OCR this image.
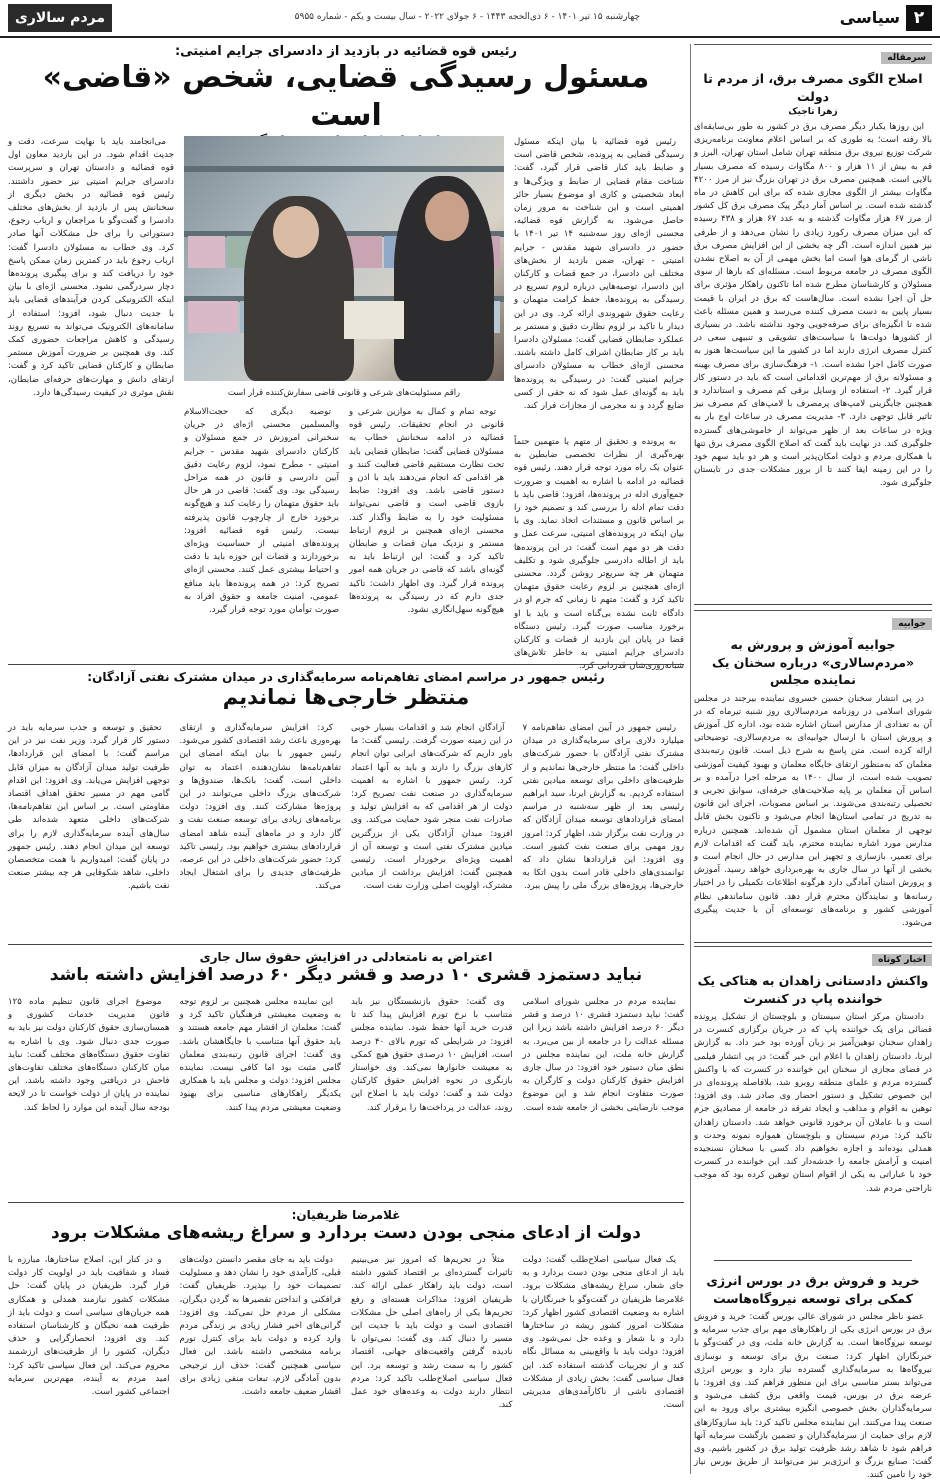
مردم سالاری	چهارشنبه ۱۵ تیر ۱۴۰۱ - ۶ ذی‌الحجه ۱۴۴۳ - ۶ جولای ۲۰۲۲ - سال بیست و یکم - شماره ۵۹۵۵	سیاسی ۲
سرمقاله
اصلاح الگوی مصرف برق، از مردم تا دولت
زهرا تاجیک

این روزها یکبار دیگر مصرف برق در کشور به طور بی‌سابقه‌ای بالا رفته است؛ به طوری که بر اساس اعلام معاونت برنامه‌ریزی شرکت توزیع نیروی برق منطقه تهران شامل استان تهران، البرز و قم به بیش از ۱۱ هزار و ۸۰۰ مگاوات رسیده که مصرف بسیار بالایی است. همچنین مصرف برق در تهران بزرگ نیز از مرز ۴۲۰۰ مگاوات بیشتر از الگوی مجازی شده که برای این کاهش در ماه گذشته شده است. بر اساس آمار دیگر پیک مصرف برق کل کشور از مرز ۶۷ هزار مگاوات گذشته و به عدد ۶۷ هزار و ۴۳۸ رسیده که این میزان مصرف رکورد زیادی را نشان می‌دهد و از طرفی نیز همین اندازه است. اگر چه بخشی از این افزایش مصرف برق ناشی از گرمای هوا است اما بخش مهمی از آن به اصلاح نشدن الگوی مصرف در جامعه مربوط است. مسئله‌ای که بارها از سوی مسئولان و کارشناسان مطرح شده اما تاکنون راهکار مؤثری برای حل آن اجرا نشده است. سال‌هاست که برق در ایران با قیمت بسیار پایین به دست مصرف کننده می‌رسد و همین مسئله باعث شده تا انگیزه‌ای برای صرفه‌جویی وجود نداشته باشد. در بسیاری از کشورها دولت‌ها با سیاست‌های تشویقی و تنبیهی سعی در کنترل مصرف انرژی دارند اما در کشور ما این سیاست‌ها هنوز به صورت کامل اجرا نشده است. ۱- فرهنگ‌سازی برای مصرف بهینه و مسئولانه برق از مهم‌ترین اقداماتی است که باید در دستور کار قرار گیرد. ۲- استفاده از وسایل برقی کم مصرف و استاندارد و همچنین جایگزینی لامپ‌های پرمصرف با لامپ‌های کم مصرف نیز تاثیر قابل توجهی دارد. ۳- مدیریت مصرف در ساعات اوج بار به ویژه در ساعات بعد از ظهر می‌تواند از خاموشی‌های گسترده جلوگیری کند. در نهایت باید گفت که اصلاح الگوی مصرف برق تنها با همکاری مردم و دولت امکان‌پذیر است و هر دو باید سهم خود را در این زمینه ایفا کنند تا از بروز مشکلات جدی در تابستان جلوگیری شود.

جوابیه
جوابیه آموزش و پرورش به «مردم‌سالاری» درباره سخنان یک نماینده مجلس

در پی انتشار سخنان حسین خسروی نماینده بیرجند در مجلس شورای اسلامی در روزنامه مردم‌سالاری روز شنبه تیرماه که در آن به تعدادی از مدارس استان اشاره شده بود، اداره کل آموزش و پرورش استان با ارسال جوابیه‌ای به مردم‌سالاری، توضیحاتی ارائه کرده است. متن پاسخ به شرح ذیل است. قانون رتبه‌بندی معلمان که به‌منظور ارتقای جایگاه معلمان و بهبود کیفیت آموزشی تصویب شده است، از سال ۱۴۰۰ به مرحله اجرا درآمده و بر اساس آن معلمان بر پایه صلاحیت‌های حرفه‌ای، سوابق تجربی و تحصیلی رتبه‌بندی می‌شوند. بر اساس مصوبات، اجرای این قانون به تدریج در تمامی استان‌ها انجام می‌شود و تاکنون بخش قابل توجهی از معلمان استان مشمول آن شده‌اند. همچنین درباره مدارس مورد اشاره نماینده محترم، باید گفت که اقدامات لازم برای تعمیر، بازسازی و تجهیز این مدارس در حال انجام است و بخشی از آنها در سال جاری به بهره‌برداری خواهد رسید. آموزش و پرورش استان آمادگی دارد هرگونه اطلاعات تکمیلی را در اختیار رسانه‌ها و نمایندگان محترم قرار دهد. قانون ساماندهی نظام آموزشی کشور و برنامه‌های توسعه‌ای آن با جدیت پیگیری می‌شود.

اخبار کوتاه
واکنش دادستانی زاهدان به هتاکی یک خواننده پاپ در کنسرت

دادستان مرکز استان سیستان و بلوچستان از تشکیل پرونده قضائی برای یک خواننده پاپ که در جریان برگزاری کنسرت در زاهدان سخنان توهین‌آمیز بر زبان آورده بود خبر داد. به گزارش ایرنا، دادستان زاهدان با اعلام این خبر گفت: در پی انتشار فیلمی در فضای مجازی از سخنان این خواننده در کنسرت که با واکنش گسترده مردم و علمای منطقه روبرو شد، بلافاصله پرونده‌ای در این خصوص تشکیل و دستور احضار وی صادر شد. وی افزود: توهین به اقوام و مذاهب و ایجاد تفرقه در جامعه از مصادیق جرم است و با عاملان آن برخورد قانونی خواهد شد. دادستان زاهدان تاکید کرد: مردم سیستان و بلوچستان همواره نمونه وحدت و همدلی بوده‌اند و اجازه نخواهیم داد کسی با سخنان نسنجیده امنیت و آرامش جامعه را خدشه‌دار کند. این خواننده در کنسرت خود با عباراتی به یکی از اقوام استان توهین کرده بود که موجب ناراحتی مردم شد.

خرید و فروش برق در بورس انرژی کمکی برای توسعه نیروگاه‌هاست

عضو ناظر مجلس در شورای عالی بورس گفت: خرید و فروش برق در بورس انرژی یکی از راهکارهای مهم برای جذب سرمایه و توسعه نیروگاه‌ها است. به گزارش خانه ملت، وی در گفت‌وگو با خبرنگاران اظهار کرد: صنعت برق برای توسعه و نوسازی نیروگاه‌ها به سرمایه‌گذاری گسترده نیاز دارد و بورس انرژی می‌تواند بستر مناسبی برای این منظور فراهم کند. وی افزود: با عرضه برق در بورس، قیمت واقعی برق کشف می‌شود و سرمایه‌گذاران بخش خصوصی انگیزه بیشتری برای ورود به این صنعت پیدا می‌کنند. این نماینده مجلس تاکید کرد: باید سازوکارهای لازم برای حمایت از سرمایه‌گذاران و تضمین بازگشت سرمایه آنها فراهم شود تا شاهد رشد ظرفیت تولید برق در کشور باشیم. وی گفت: صنایع بزرگ و انرژی‌بر نیز می‌توانند از طریق بورس نیاز خود را تامین کنند.

رئیس قوه قضائیه در بازدید از دادسرای جرایم امنیتی:
مسئول رسیدگی قضایی، شخص «قاضی» است

رئیس قوه قضائیه با بیان اینکه مسئول رسیدگی قضایی به پرونده، شخص قاضی است و ضابط باید کنار قاضی قرار گیرد، گفت: شناخت مقام قضایی از ضابط و ویژگی‌ها و ابعاد شخصیتی و کاری او موضوع بسیار حائز اهمیتی است و این شناخت به مرور زمان حاصل می‌شود. به گزارش قوه قضائیه، محسنی اژه‌ای روز سه‌شنبه ۱۴ تیر ۱۴۰۱ با حضور در دادسرای شهید مقدس - جرایم امنیتی - تهران، ضمن بازدید از بخش‌های مختلف این دادسرا، در جمع قضات و کارکنان این دادسرا، توصیه‌هایی درباره لزوم تسریع در رسیدگی به پرونده‌ها، حفظ کرامت متهمان و رعایت حقوق شهروندی ارائه کرد. وی در این دیدار با تاکید بر لزوم نظارت دقیق و مستمر بر عملکرد ضابطان قضایی گفت: مسئولان دادسرا باید بر کار ضابطان اشراف کامل داشته باشند. محسنی اژه‌ای خطاب به مسئولان دادسرای جرایم امنیتی گفت: در رسیدگی به پرونده‌ها باید به گونه‌ای عمل شود که نه حقی از کسی ضایع گردد و نه مجرمی از مجازات فرار کند.

راقم مسئولیت‌های شرعی و قانونی قاضی سفارش‌کننده قرار است

می‌انجامند باید با نهایت سرعت، دقت و جدیت اقدام شود. در این بازدید معاون اول قوه قضائیه و دادستان تهران و سرپرست دادسرای جرایم امنیتی نیز حضور داشتند. رئیس قوه قضائیه در بخش دیگری از سخنانش پس از بازدید از بخش‌های مختلف دادسرا و گفت‌وگو با مراجعان و ارباب رجوع، دستوراتی را برای حل مشکلات آنها صادر کرد. وی خطاب به مسئولان دادسرا گفت: ارباب رجوع باید در کمترین زمان ممکن پاسخ خود را دریافت کند و برای پیگیری پرونده‌ها دچار سردرگمی نشود. محسنی اژه‌ای با بیان اینکه الکترونیکی کردن فرآیندهای قضایی باید با جدیت دنبال شود، افزود: استفاده از سامانه‌های الکترونیک می‌تواند به تسریع روند رسیدگی و کاهش مراجعات حضوری کمک کند. وی همچنین بر ضرورت آموزش مستمر ضابطان و کارکنان قضایی تاکید کرد و گفت: ارتقای دانش و مهارت‌های حرفه‌ای ضابطان، نقش موثری در کیفیت رسیدگی‌ها دارد.

به پرونده و تحقیق از متهم یا متهمین حتماً بهره‌گیری از نظرات تخصصی ضابطین به عنوان یک راه مورد توجه قرار دهند. رئیس قوه قضائیه در ادامه با اشاره به اهمیت و ضرورت جمع‌آوری ادله در پرونده‌ها، افزود: قاضی باید با دقت تمام ادله را بررسی کند و تصمیم خود را بر اساس قانون و مستندات اتخاذ نماید. وی با بیان اینکه در پرونده‌های امنیتی، سرعت عمل و دقت هر دو مهم است گفت: در این پرونده‌ها باید از اطاله دادرسی جلوگیری شود و تکلیف متهمان هر چه سریع‌تر روشن گردد. محسنی اژه‌ای همچنین بر لزوم رعایت حقوق متهمان تاکید کرد و گفت: متهم تا زمانی که جرم او در دادگاه ثابت نشده بی‌گناه است و باید با او برخورد مناسب صورت گیرد. رئیس دستگاه قضا در پایان این بازدید از قضات و کارکنان دادسرای جرایم امنیتی به خاطر تلاش‌های شبانه‌روزی‌شان قدردانی کرد.

توجه تمام و کمال به موازین شرعی و قانونی در انجام تحقیقات. رئیس قوه قضائیه در ادامه سخنانش خطاب به مسئولان قضایی گفت: ضابطان قضایی باید تحت نظارت مستقیم قاضی فعالیت کنند و هر اقدامی که انجام می‌دهند باید با اذن و دستور قاضی باشد. وی افزود: ضابط بازوی قاضی است و قاضی نمی‌تواند مسئولیت خود را به ضابط واگذار کند. محسنی اژه‌ای همچنین بر لزوم ارتباط مستمر و نزدیک میان قضات و ضابطان تاکید کرد و گفت: این ارتباط باید به گونه‌ای باشد که قاضی در جریان همه امور پرونده قرار گیرد. وی اظهار داشت: تاکید جدی دارم که در رسیدگی به پرونده‌ها هیچ‌گونه سهل‌انگاری نشود.

توصیه دیگری که حجت‌الاسلام والمسلمین محسنی اژه‌ای در جریان سخنرانی امروزش در جمع مسئولان و کارکنان دادسرای شهید مقدس - جرایم امنیتی - مطرح نمود، لزوم رعایت دقیق آیین دادرسی و قانون در همه مراحل رسیدگی بود. وی گفت: قاضی در هر حال باید حقوق متهمان را رعایت کند و هیچ‌گونه برخورد خارج از چارچوب قانون پذیرفته نیست. رئیس قوه قضائیه افزود: پرونده‌های امنیتی از حساسیت ویژه‌ای برخوردارند و قضات این حوزه باید با دقت و احتیاط بیشتری عمل کنند. محسنی اژه‌ای تصریح کرد: در همه پرونده‌ها باید منافع عمومی، امنیت جامعه و حقوق افراد به صورت توأمان مورد توجه قرار گیرد.

رئیس جمهور در مراسم امضای تفاهم‌نامه سرمایه‌گذاری در میدان مشترک نفتی آزادگان:
منتظر خارجی‌ها نماندیم

رئیس جمهور در آیین امضای تفاهم‌نامه ۷ میلیارد دلاری برای سرمایه‌گذاری در میدان مشترک نفتی آزادگان با حضور شرکت‌های داخلی گفت: ما منتظر خارجی‌ها نماندیم و از ظرفیت‌های داخلی برای توسعه میادین نفتی استفاده کردیم. به گزارش ایرنا، سید ابراهیم رئیسی بعد از ظهر سه‌شنبه در مراسم امضای قراردادهای توسعه میدان آزادگان که در وزارت نفت برگزار شد، اظهار کرد: امروز روز مهمی برای صنعت نفت کشور است. وی افزود: این قراردادها نشان داد که توانمندی‌های داخلی قادر است بدون اتکا به خارجی‌ها، پروژه‌های بزرگ ملی را پیش ببرد.

آزادگان انجام شد و اقدامات بسیار خوبی در این زمینه صورت گرفت. رئیسی گفت: ما باور داریم که شرکت‌های ایرانی توان انجام کارهای بزرگ را دارند و باید به آنها اعتماد کرد. رئیس جمهور با اشاره به اهمیت سرمایه‌گذاری در صنعت نفت تصریح کرد: دولت از هر اقدامی که به افزایش تولید و صادرات نفت منجر شود حمایت می‌کند. وی افزود: میدان آزادگان یکی از بزرگترین میادین مشترک نفتی است و توسعه آن از اهمیت ویژه‌ای برخوردار است. رئیسی همچنین گفت: افزایش برداشت از میادین مشترک، اولویت اصلی وزارت نفت است.

کرد: افزایش سرمایه‌گذاری و ارتقای بهره‌وری باعث رشد اقتصادی کشور می‌شود. رئیس جمهور با بیان اینکه امضای این تفاهم‌نامه‌ها نشان‌دهنده اعتماد به توان داخلی است، گفت: بانک‌ها، صندوق‌ها و شرکت‌های بزرگ داخلی می‌توانند در این پروژه‌ها مشارکت کنند. وی افزود: دولت برنامه‌های زیادی برای توسعه صنعت نفت و گاز دارد و در ماه‌های آینده شاهد امضای قراردادهای بیشتری خواهیم بود. رئیسی تاکید کرد: حضور شرکت‌های داخلی در این عرصه، ظرفیت‌های جدیدی را برای اشتغال ایجاد می‌کند.

تحقیق و توسعه و جذب سرمایه باید در دستور کار قرار گیرد. وزیر نفت نیز در این مراسم گفت: با امضای این قراردادها، ظرفیت تولید میدان آزادگان به میزان قابل توجهی افزایش می‌یابد. وی افزود: این اقدام گامی مهم در مسیر تحقق اهداف اقتصاد مقاومتی است. بر اساس این تفاهم‌نامه‌ها، شرکت‌های داخلی متعهد شده‌اند طی سال‌های آینده سرمایه‌گذاری لازم را برای توسعه این میدان انجام دهند. رئیس جمهور در پایان گفت: امیدواریم با همت متخصصان داخلی، شاهد شکوفایی هر چه بیشتر صنعت نفت باشیم.

اعتراض به نامتعادلی در افزایش حقوق سال جاری
نباید دستمزد قشری ۱۰ درصد و قشر دیگر ۶۰ درصد افزایش داشته باشد

نماینده مردم در مجلس شورای اسلامی گفت: نباید دستمزد قشری ۱۰ درصد و قشر دیگر ۶۰ درصد افزایش داشته باشد زیرا این مسئله عدالت را در جامعه از بین می‌برد. به گزارش خانه ملت، این نماینده مجلس در نطق میان دستور خود افزود: در سال جاری افزایش حقوق کارکنان دولت و کارگران به صورت متفاوت انجام شد و این موضوع موجب نارضایتی بخشی از جامعه شده است.

وی گفت: حقوق بازنشستگان نیز باید متناسب با نرخ تورم افزایش پیدا کند تا قدرت خرید آنها حفظ شود. نماینده مجلس افزود: در شرایطی که تورم بالای ۴۰ درصد است، افزایش ۱۰ درصدی حقوق هیچ کمکی به معیشت خانوارها نمی‌کند. وی خواستار بازنگری در نحوه افزایش حقوق کارکنان دولت شد و گفت: دولت باید با اصلاح این روند، عدالت در پرداخت‌ها را برقرار کند.

این نماینده مجلس همچنین بر لزوم توجه به وضعیت معیشتی فرهنگیان تاکید کرد و گفت: معلمان از اقشار مهم جامعه هستند و باید حقوق آنها متناسب با جایگاهشان باشد. وی گفت: اجرای قانون رتبه‌بندی معلمان گامی مثبت بود اما کافی نیست. نماینده مجلس افزود: دولت و مجلس باید با همکاری یکدیگر راهکارهای مناسبی برای بهبود وضعیت معیشتی مردم پیدا کنند.

موضوع اجرای قانون تنظیم ماده ۱۲۵ قانون مدیریت خدمات کشوری و همسان‌سازی حقوق کارکنان دولت نیز باید به صورت جدی دنبال شود. وی با اشاره به تفاوت حقوق دستگاه‌های مختلف گفت: نباید میان کارکنان دستگاه‌های مختلف تفاوت‌های فاحش در دریافتی وجود داشته باشد. این نماینده در پایان از دولت خواست تا در لایحه بودجه سال آینده این موارد را لحاظ کند.

غلامرضا ظریفیان:
دولت از ادعای منجی بودن دست بردارد و سراغ ریشه‌های مشکلات برود

یک فعال سیاسی اصلاح‌طلب گفت: دولت باید از ادعای منجی بودن دست بردارد و به جای شعار، سراغ ریشه‌های مشکلات برود. غلامرضا ظریفیان در گفت‌وگو با خبرنگاران با اشاره به وضعیت اقتصادی کشور اظهار کرد: مشکلات امروز کشور ریشه در ساختارها دارد و با شعار و وعده حل نمی‌شود. وی افزود: دولت باید با واقع‌بینی به مسائل نگاه کند و از تجربیات گذشته استفاده کند. این فعال سیاسی گفت: بخش زیادی از مشکلات اقتصادی ناشی از ناکارآمدی‌های مدیریتی است.

مثلاً در تحریم‌ها که امروز نیز می‌بینیم تاثیرات گسترده‌ای بر اقتصاد کشور داشته است، دولت باید راهکار عملی ارائه کند. ظریفیان افزود: مذاکرات هسته‌ای و رفع تحریم‌ها یکی از راه‌های اصلی حل مشکلات اقتصادی است و دولت باید با جدیت این مسیر را دنبال کند. وی گفت: نمی‌توان با نادیده گرفتن واقعیت‌های جهانی، اقتصاد کشور را به سمت رشد و توسعه برد. این فعال سیاسی اصلاح‌طلب تاکید کرد: مردم انتظار دارند دولت به وعده‌های خود عمل کند.

دولت باید به جای مقصر دانستن دولت‌های قبلی، کارآمدی خود را نشان دهد و مسئولیت تصمیمات خود را بپذیرد. ظریفیان گفت: فرافکنی و انداختن تقصیرها به گردن دیگران، مشکلی از مردم حل نمی‌کند. وی افزود: گرانی‌های اخیر فشار زیادی بر زندگی مردم وارد کرده و دولت باید برای کنترل تورم برنامه مشخصی داشته باشد. این فعال سیاسی همچنین گفت: حذف ارز ترجیحی بدون آمادگی لازم، تبعات منفی زیادی برای اقشار ضعیف جامعه داشت.

و در کنار این، اصلاح ساختارها، مبارزه با فساد و شفافیت باید در اولویت کار دولت قرار گیرد. ظریفیان در پایان گفت: حل مشکلات کشور نیازمند همدلی و همکاری همه جریان‌های سیاسی است و دولت باید از ظرفیت همه نخبگان و کارشناسان استفاده کند. وی افزود: انحصارگرایی و حذف دیگران، کشور را از ظرفیت‌های ارزشمند محروم می‌کند. این فعال سیاسی تاکید کرد: امید مردم به آینده، مهم‌ترین سرمایه اجتماعی کشور است.
